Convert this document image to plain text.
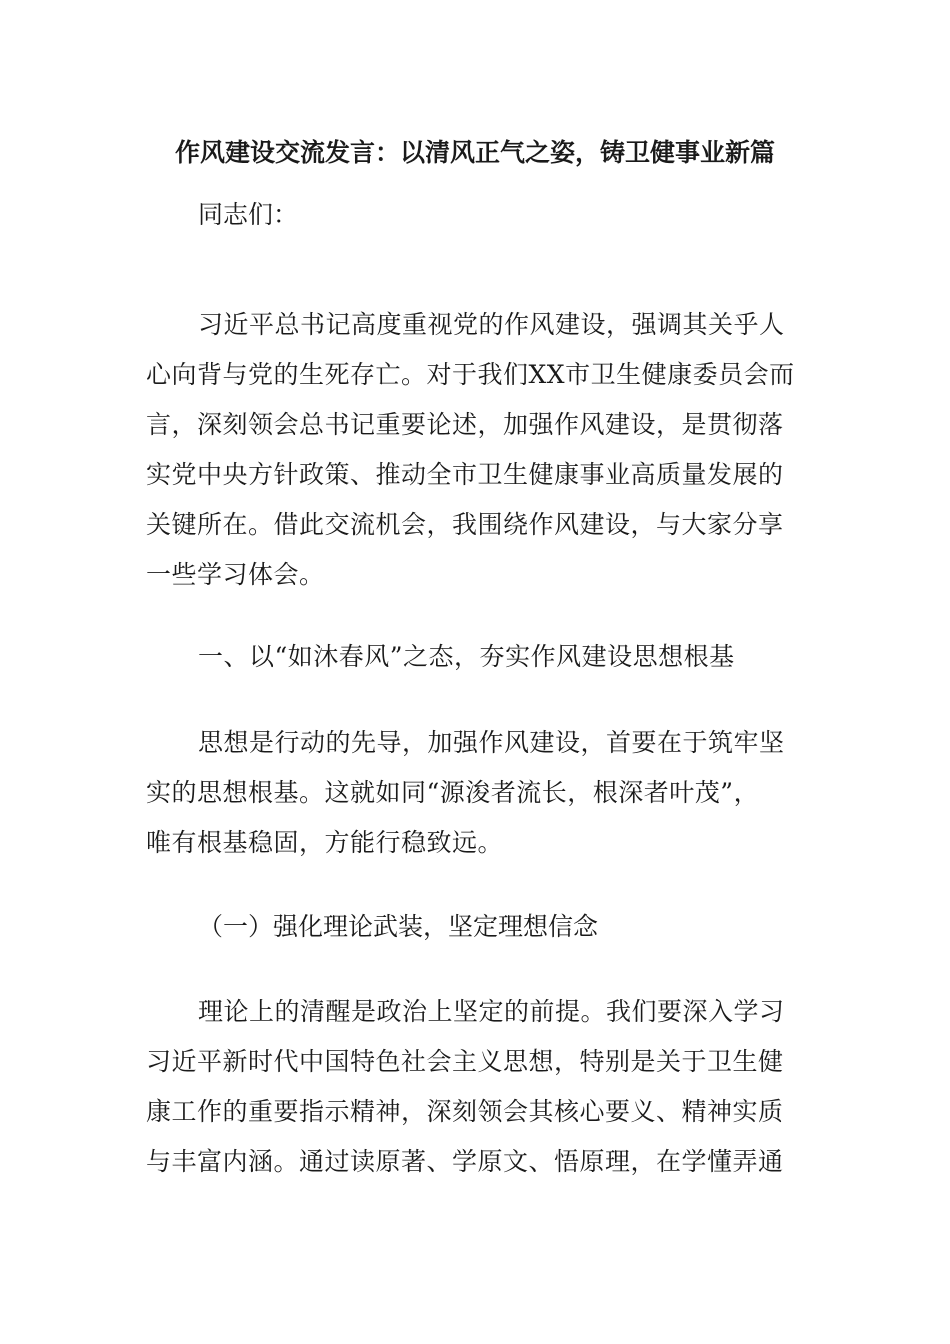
作风建设交流发言：以清风正气之姿，铸卫健事业新篇
同志们：
习近平总书记高度重视党的作风建设，强调其关乎人
心向背与党的生死存亡。对于我们XX市卫生健康委员会而
言，深刻领会总书记重要论述，加强作风建设，是贯彻落
实党中央方针政策、推动全市卫生健康事业高质量发展的
关键所在。借此交流机会，我围绕作风建设，与大家分享
一些学习体会。
一、以“如沐春风”之态，夯实作风建设思想根基
思想是行动的先导，加强作风建设，首要在于筑牢坚
实的思想根基。这就如同“源浚者流长，根深者叶茂”，
唯有根基稳固，方能行稳致远。
（一）强化理论武装，坚定理想信念
理论上的清醒是政治上坚定的前提。我们要深入学习
习近平新时代中国特色社会主义思想，特别是关于卫生健
康工作的重要指示精神，深刻领会其核心要义、精神实质
与丰富内涵。通过读原著、学原文、悟原理，在学懂弄通
